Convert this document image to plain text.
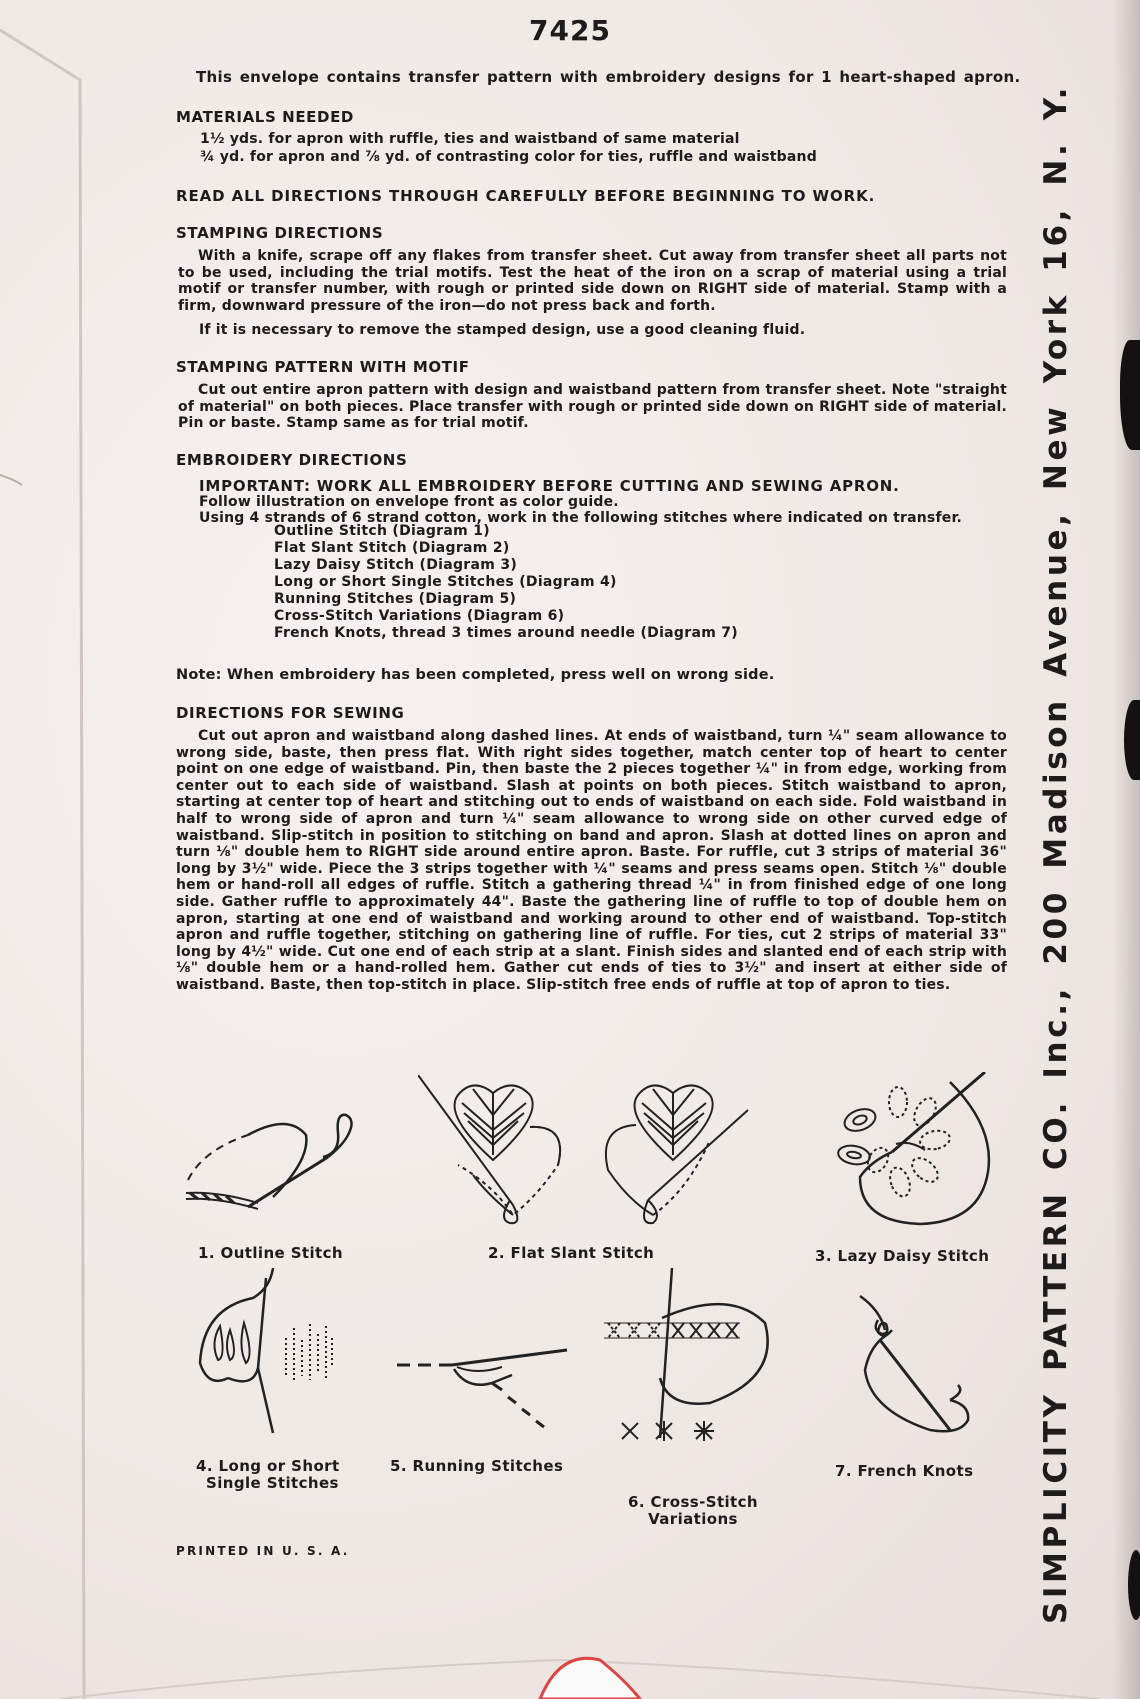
7425
This envelope contains transfer pattern with embroidery designs for 1 heart-shaped apron.
MATERIALS NEEDED
1½ yds. for apron with ruffle, ties and waistband of same material
¾ yd. for apron and ⅞ yd. of contrasting color for ties, ruffle and waistband
READ ALL DIRECTIONS THROUGH CAREFULLY BEFORE BEGINNING TO WORK.
STAMPING DIRECTIONS
With a knife, scrape off any flakes from transfer sheet. Cut away from transfer sheet all parts not to be used, including the trial motifs. Test the heat of the iron on a scrap of material using a trial motif or transfer number, with rough or printed side down on RIGHT side of material. Stamp with a firm, downward pressure of the iron—do not press back and forth.
If it is necessary to remove the stamped design, use a good cleaning fluid.
STAMPING PATTERN WITH MOTIF
Cut out entire apron pattern with design and waistband pattern from transfer sheet. Note "straight of material" on both pieces. Place transfer with rough or printed side down on RIGHT side of material. Pin or baste. Stamp same as for trial motif.
EMBROIDERY DIRECTIONS
IMPORTANT: WORK ALL EMBROIDERY BEFORE CUTTING AND SEWING APRON.
Follow illustration on envelope front as color guide.
Using 4 strands of 6 strand cotton, work in the following stitches where indicated on transfer.
Outline Stitch (Diagram 1)
Flat Slant Stitch (Diagram 2)
Lazy Daisy Stitch (Diagram 3)
Long or Short Single Stitches (Diagram 4)
Running Stitches (Diagram 5)
Cross-Stitch Variations (Diagram 6)
French Knots, thread 3 times around needle (Diagram 7)
Note: When embroidery has been completed, press well on wrong side.
DIRECTIONS FOR SEWING
Cut out apron and waistband along dashed lines. At ends of waistband, turn ¼" seam allowance to wrong side, baste, then press flat. With right sides together, match center top of heart to center point on one edge of waistband. Pin, then baste the 2 pieces together ¼" in from edge, working from center out to each side of waistband. Slash at points on both pieces. Stitch waistband to apron, starting at center top of heart and stitching out to ends of waistband on each side. Fold waistband in half to wrong side of apron and turn ¼" seam allowance to wrong side on other curved edge of waistband. Slip-stitch in position to stitching on band and apron. Slash at dotted lines on apron and turn ⅛" double hem to RIGHT side around entire apron. Baste. For ruffle, cut 3 strips of material 36" long by 3½" wide. Piece the 3 strips together with ¼" seams and press seams open. Stitch ⅛" double hem or hand-roll all edges of ruffle. Stitch a gathering thread ¼" in from finished edge of one long side. Gather ruffle to approximately 44". Baste the gathering line of ruffle to top of double hem on apron, starting at one end of waistband and working around to other end of waistband. Top-stitch apron and ruffle together, stitching on gathering line of ruffle. For ties, cut 2 strips of material 33" long by 4½" wide. Cut one end of each strip at a slant. Finish sides and slanted end of each strip with ⅛" double hem or a hand-rolled hem. Gather cut ends of ties to 3½" and insert at either side of waistband. Baste, then top-stitch in place. Slip-stitch free ends of ruffle at top of apron to ties.
1. Outline Stitch	2. Flat Slant Stitch	3. Lazy Daisy Stitch
4. Long or Short
Single Stitches
5. Running Stitches
6. Cross-Stitch
Variations
7. French Knots
PRINTED IN U. S. A.	SIMPLICITY PATTERN CO. Inc., 200 Madison Avenue, New York 16, N. Y.
